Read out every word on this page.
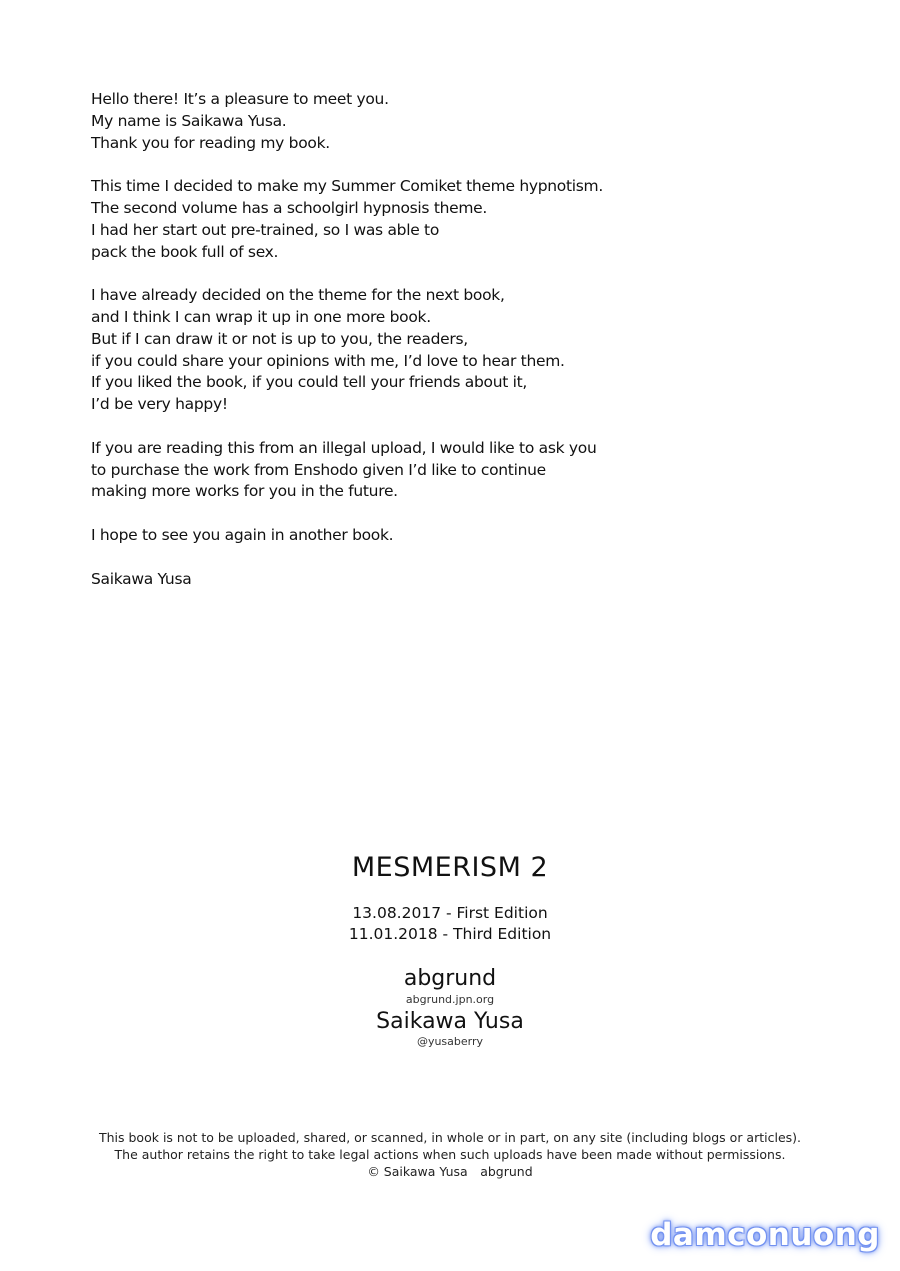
Hello there! It’s a pleasure to meet you.
My name is Saikawa Yusa.
Thank you for reading my book.

This time I decided to make my Summer Comiket theme hypnotism.
The second volume has a schoolgirl hypnosis theme.
I had her start out pre-trained, so I was able to
pack the book full of sex.

I have already decided on the theme for the next book,
and I think I can wrap it up in one more book.
But if I can draw it or not is up to you, the readers,
if you could share your opinions with me, I’d love to hear them.
If you liked the book, if you could tell your friends about it,
I’d be very happy!

If you are reading this from an illegal upload, I would like to ask you
to purchase the work from Enshodo given I’d like to continue
making more works for you in the future.

I hope to see you again in another book.

Saikawa Yusa

MESMERISM 2
13.08.2017 - First Edition
11.01.2018 - Third Edition
abgrund
abgrund.jpn.org
Saikawa Yusa
@yusaberry
This book is not to be uploaded, shared, or scanned, in whole or in part, on any site (including blogs or articles).
The author retains the right to take legal actions when such uploads have been made without permissions.
© Saikawa Yusa　abgrund
damconuong
